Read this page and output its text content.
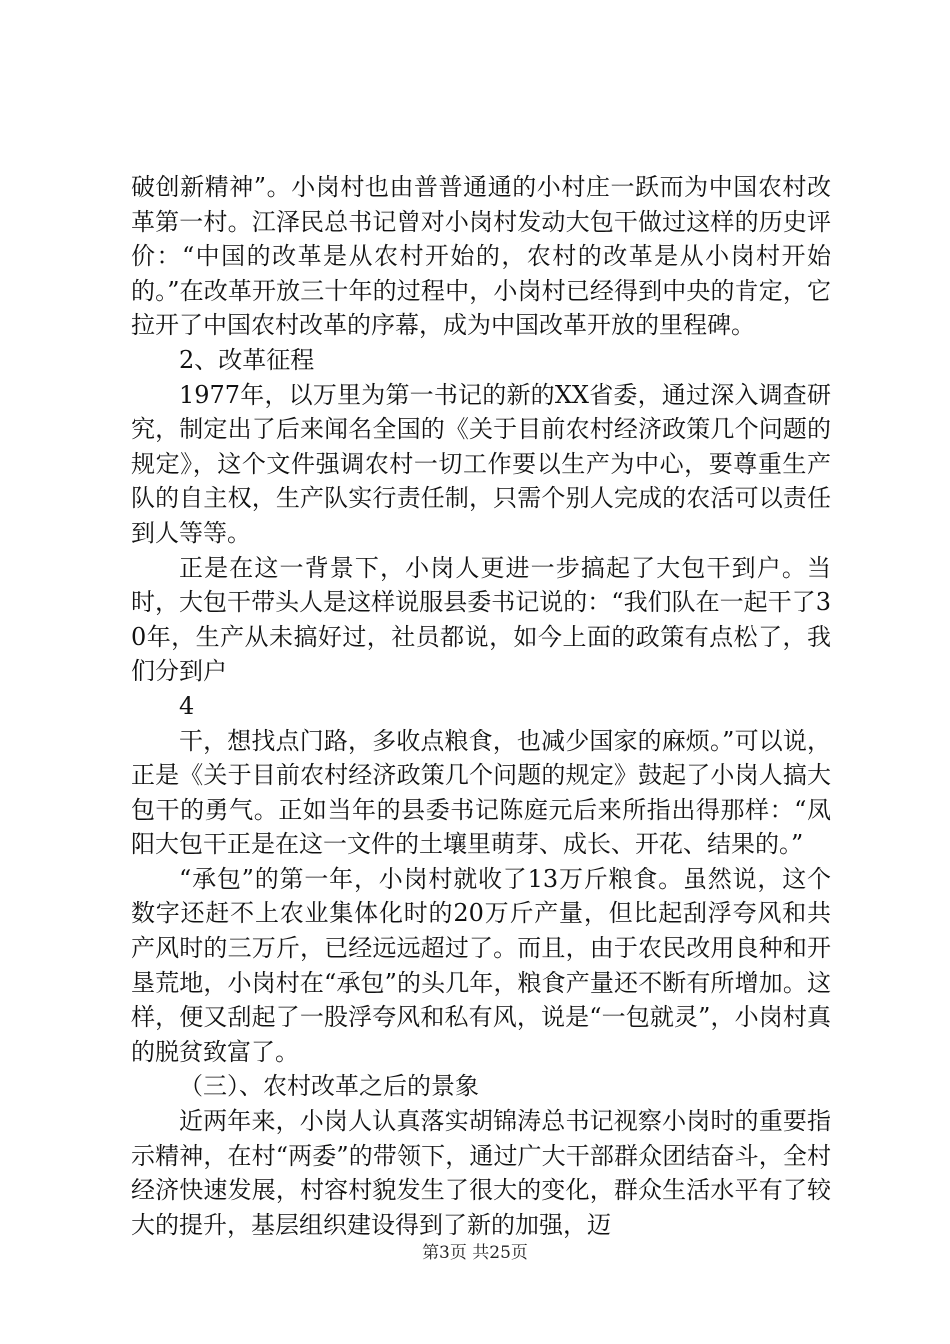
破创新精神”。小岗村也由普普通通的小村庄一跃而为中国农村改革第一村。江泽民总书记曾对小岗村发动大包干做过这样的历史评价：“中国的改革是从农村开始的，农村的改革是从小岗村开始的。”在改革开放三十年的过程中，小岗村已经得到中央的肯定，它拉开了中国农村改革的序幕，成为中国改革开放的里程碑。

2、改革征程

1977年，以万里为第一书记的新的XX省委，通过深入调查研究，制定出了后来闻名全国的《关于目前农村经济政策几个问题的规定》，这个文件强调农村一切工作要以生产为中心，要尊重生产队的自主权，生产队实行责任制，只需个别人完成的农活可以责任到人等等。

正是在这一背景下，小岗人更进一步搞起了大包干到户。当时，大包干带头人是这样说服县委书记说的：“我们队在一起干了30年，生产从未搞好过，社员都说，如今上面的政策有点松了，我们分到户

4

干，想找点门路，多收点粮食，也减少国家的麻烦。”可以说，正是《关于目前农村经济政策几个问题的规定》鼓起了小岗人搞大包干的勇气。正如当年的县委书记陈庭元后来所指出得那样：“凤阳大包干正是在这一文件的土壤里萌芽、成长、开花、结果的。”

“承包”的第一年，小岗村就收了13万斤粮食。虽然说，这个数字还赶不上农业集体化时的20万斤产量，但比起刮浮夸风和共产风时的三万斤，已经远远超过了。而且，由于农民改用良种和开垦荒地，小岗村在“承包”的头几年，粮食产量还不断有所增加。这样，便又刮起了一股浮夸风和私有风，说是“一包就灵”，小岗村真的脱贫致富了。

（三）、农村改革之后的景象

近两年来，小岗人认真落实胡锦涛总书记视察小岗时的重要指示精神，在村“两委”的带领下，通过广大干部群众团结奋斗，全村经济快速发展，村容村貌发生了很大的变化，群众生活水平有了较大的提升，基层组织建设得到了新的加强，迈

第3页 共25页
